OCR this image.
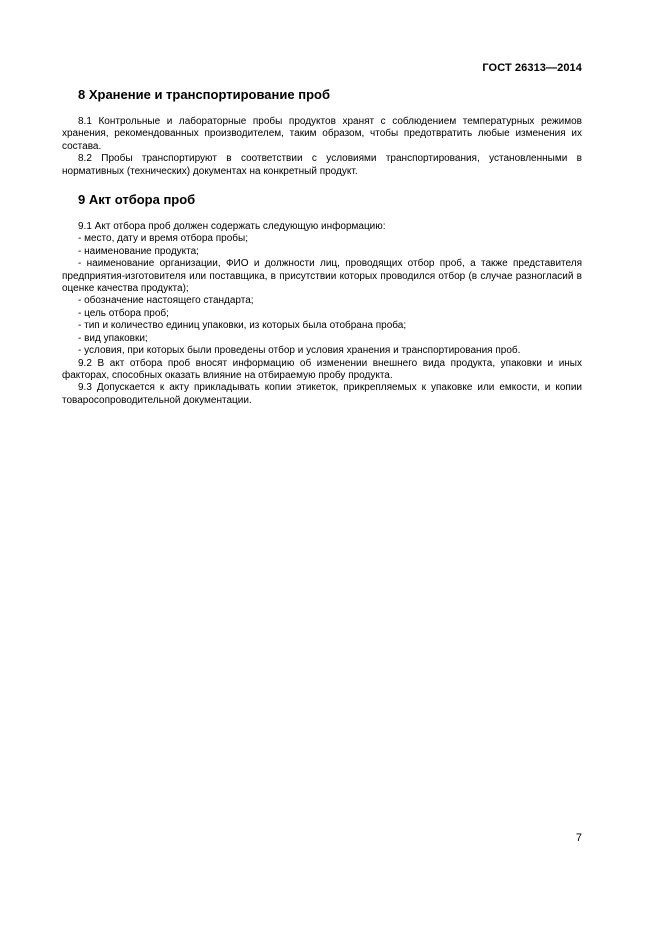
ГОСТ 26313—2014
8 Хранение и транспортирование проб

8.1 Контрольные и лабораторные пробы продуктов хранят с соблюдением температурных режимов хранения, рекомендованных производителем, таким образом, чтобы предотвратить любые изменения их состава.

8.2 Пробы транспортируют в соответствии с условиями транспортирования, установленными в нормативных (технических) документах на конкретный продукт.

9 Акт отбора проб

9.1 Акт отбора проб должен содержать следующую информацию:

- место, дату и время отбора пробы;

- наименование продукта;

- наименование организации, ФИО и должности лиц, проводящих отбор проб, а также представителя предприятия-изготовителя или поставщика, в присутствии которых проводился отбор (в случае разногласий в оценке качества продукта);

- обозначение настоящего стандарта;

- цель отбора проб;

- тип и количество единиц упаковки, из которых была отобрана проба;

- вид упаковки;

- условия, при которых были проведены отбор и условия хранения и транспортирования проб.

9.2 В акт отбора проб вносят информацию об изменении внешнего вида продукта, упаковки и иных факторах, способных оказать влияние на отбираемую пробу продукта.

9.3 Допускается к акту прикладывать копии этикеток, прикрепляемых к упаковке или емкости, и копии товаросопроводительной документации.

7
